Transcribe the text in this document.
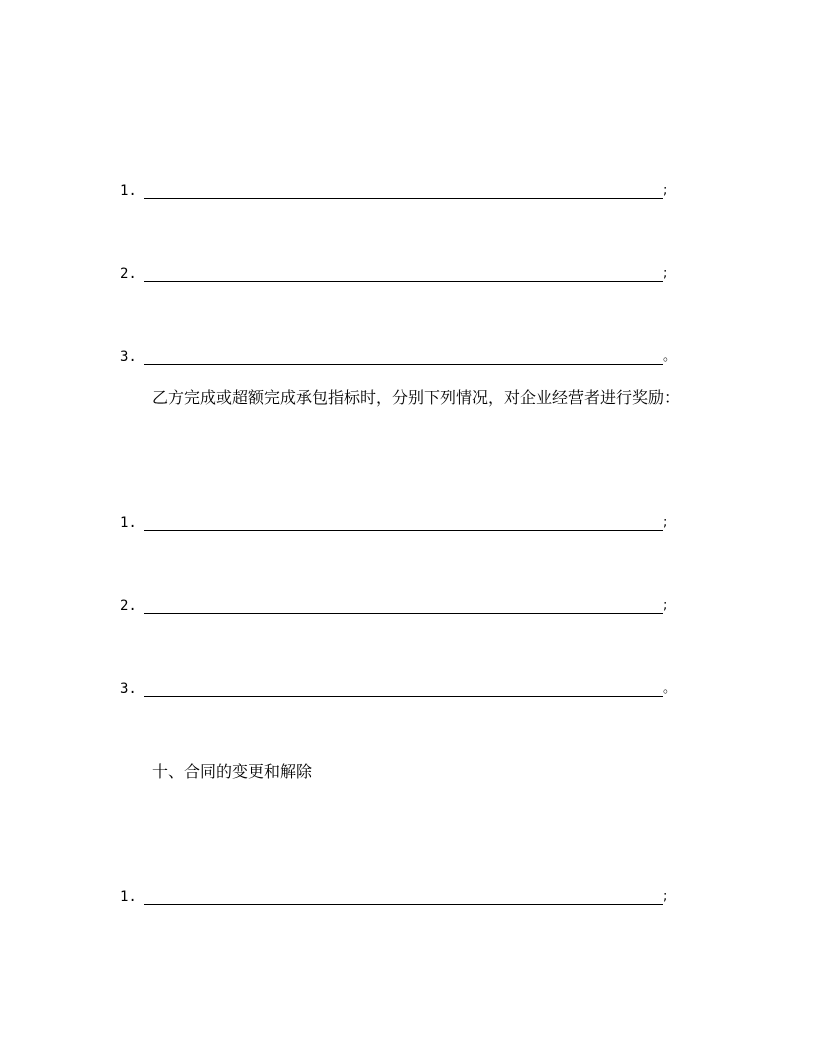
1.	;
2.	;
3.	。
乙方完成或超额完成承包指标时，分别下列情况，对企业经营者进行奖励：
1.	;
2.	;
3.	。
十、合同的变更和解除
1.	;
